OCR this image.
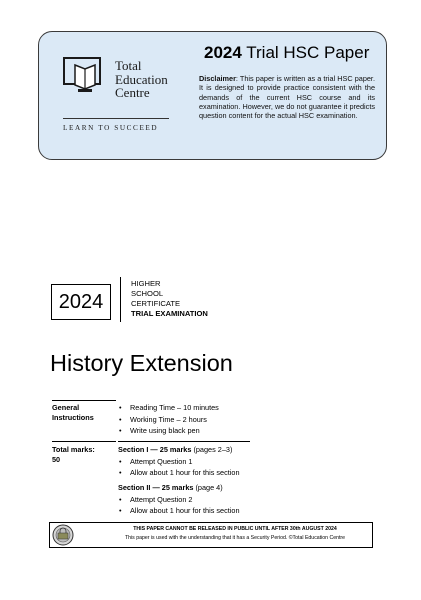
Total
Education
Centre
LEARN TO SUCCEED
2024 Trial HSC Paper
Disclaimer: This paper is written as a trial HSC paper. It is designed to provide practice consistent with the demands of the current HSC course and its examination. However, we do not guarantee it predicts question content for the actual HSC examination.
2024
HIGHER
SCHOOL
CERTIFICATE
TRIAL EXAMINATION
History Extension
General Instructions
• Reading Time – 10 minutes
• Working Time – 2 hours
• Write using black pen
Total marks:
50
Section I — 25 marks (pages 2–3)
• Attempt Question 1
• Allow about 1 hour for this section
Section II — 25 marks (page 4)
• Attempt Question 2
• Allow about 1 hour for this section
THIS PAPER CANNOT BE RELEASED IN PUBLIC UNTIL AFTER 30th AUGUST 2024
This paper is used with the understanding that it has a Security Period. ©Total Education Centre
